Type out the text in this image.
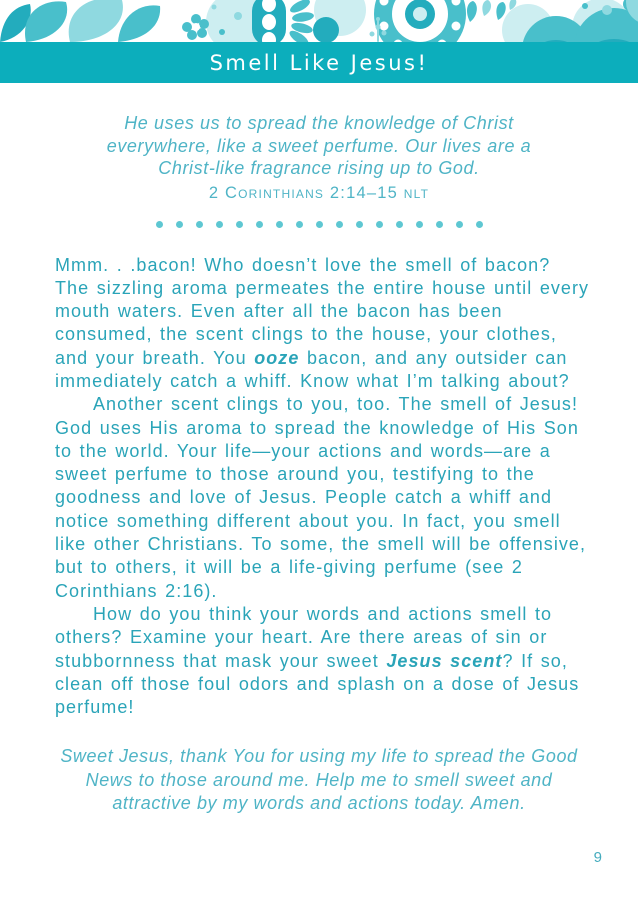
Smell Like Jesus!
He uses us to spread the knowledge of Christ everywhere, like a sweet perfume. Our lives are a Christ-like fragrance rising up to God.
2 Corinthians 2:14–15 nlt

Mmm. . .bacon! Who doesn’t love the smell of bacon? The sizzling aroma permeates the entire house until every mouth waters. Even after all the bacon has been consumed, the scent clings to the house, your clothes, and your breath. You ooze bacon, and any outsider can immediately catch a whiff. Know what I’m talking about?

Another scent clings to you, too. The smell of Jesus! God uses His aroma to spread the knowledge of His Son to the world. Your life—your actions and words—are a sweet perfume to those around you, testifying to the goodness and love of Jesus. People catch a whiff and notice something different about you. In fact, you smell like other Christians. To some, the smell will be offensive, but to others, it will be a life-giving perfume (see 2 Corinthians 2:16).

How do you think your words and actions smell to others? Examine your heart. Are there areas of sin or stubbornness that mask your sweet Jesus scent? If so, clean off those foul odors and splash on a dose of Jesus perfume!

Sweet Jesus, thank You for using my life to spread the Good News to those around me. Help me to smell sweet and attractive by my words and actions today. Amen.
9
